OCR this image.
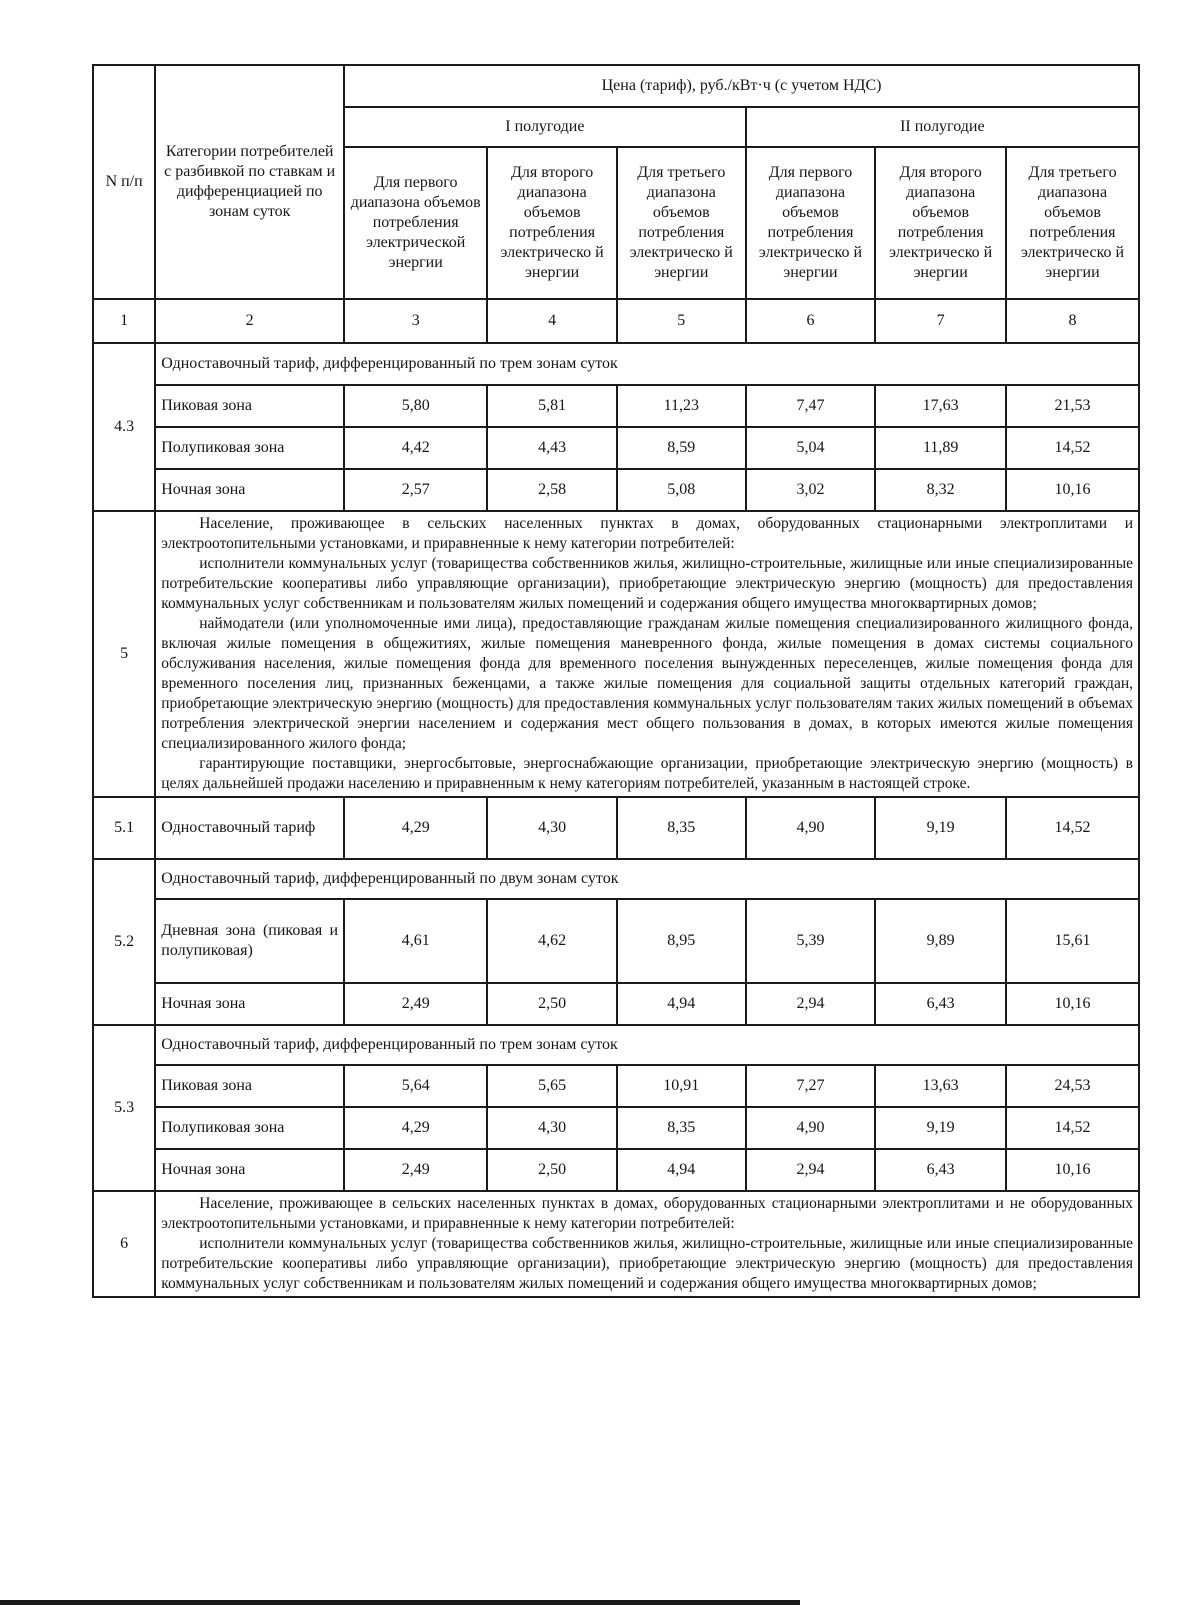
N п/п	Категории потребителей с разбивкой по ставкам и дифференциацией по зонам суток	Цена (тариф), руб./кВт·ч (с учетом НДС)					
		I полугодие			II полугодие		
		Для первого диапазона объемов потребления электрической энергии	Для второго диапазона объемов потребления электрическо й энергии	Для третьего диапазона объемов потребления электрическо й энергии	Для первого диапазона объемов потребления электрическо й энергии	Для второго диапазона объемов потребления электрическо й энергии	Для третьего диапазона объемов потребления электрическо й энергии
1	2	3	4	5	6	7	8
4.3	Одноставочный тариф, дифференцированный по трем зонам суток						
	Пиковая зона	5,80	5,81	11,23	7,47	17,63	21,53
	Полупиковая зона	4,42	4,43	8,59	5,04	11,89	14,52
	Ночная зона	2,57	2,58	5,08	3,02	8,32	10,16
5	Население, проживающее в сельских населенных пунктах в домах, оборудованных стационарными электроплитами и электроотопительными установками, и приравненные к нему категории потребителей:

исполнители коммунальных услуг (товарищества собственников жилья, жилищно-строительные, жилищные или иные специализированные потребительские кооперативы либо управляющие организации), приобретающие электрическую энергию (мощность) для предоставления коммунальных услуг собственникам и пользователям жилых помещений и содержания общего имущества многоквартирных домов;

наймодатели (или уполномоченные ими лица), предоставляющие гражданам жилые помещения специализированного жилищного фонда, включая жилые помещения в общежитиях, жилые помещения маневренного фонда, жилые помещения в домах системы социального обслуживания населения, жилые помещения фонда для временного поселения вынужденных переселенцев, жилые помещения фонда для временного поселения лиц, признанных беженцами, а также жилые помещения для социальной защиты отдельных категорий граждан, приобретающие электрическую энергию (мощность) для предоставления коммунальных услуг пользователям таких жилых помещений в объемах потребления электрической энергии населением и содержания мест общего пользования в домах, в которых имеются жилые помещения специализированного жилого фонда;

гарантирующие поставщики, энергосбытовые, энергоснабжающие организации, приобретающие электрическую энергию (мощность) в целях дальнейшей продажи населению и приравненным к нему категориям потребителей, указанным в настоящей строке.						

5.1	Одноставочный тариф	4,29	4,30	8,35	4,90	9,19	14,52
5.2	Одноставочный тариф, дифференцированный по двум зонам суток						
	Дневная зона (пиковая и полупиковая)	4,61	4,62	8,95	5,39	9,89	15,61
	Ночная зона	2,49	2,50	4,94	2,94	6,43	10,16
5.3	Одноставочный тариф, дифференцированный по трем зонам суток						
	Пиковая зона	5,64	5,65	10,91	7,27	13,63	24,53
	Полупиковая зона	4,29	4,30	8,35	4,90	9,19	14,52
	Ночная зона	2,49	2,50	4,94	2,94	6,43	10,16
6	Население, проживающее в сельских населенных пунктах в домах, оборудованных стационарными электроплитами и не оборудованных электроотопительными установками, и приравненные к нему категории потребителей:

исполнители коммунальных услуг (товарищества собственников жилья, жилищно-строительные, жилищные или иные специализированные потребительские кооперативы либо управляющие организации), приобретающие электрическую энергию (мощность) для предоставления коммунальных услуг собственникам и пользователям жилых помещений и содержания общего имущества многоквартирных домов;						
